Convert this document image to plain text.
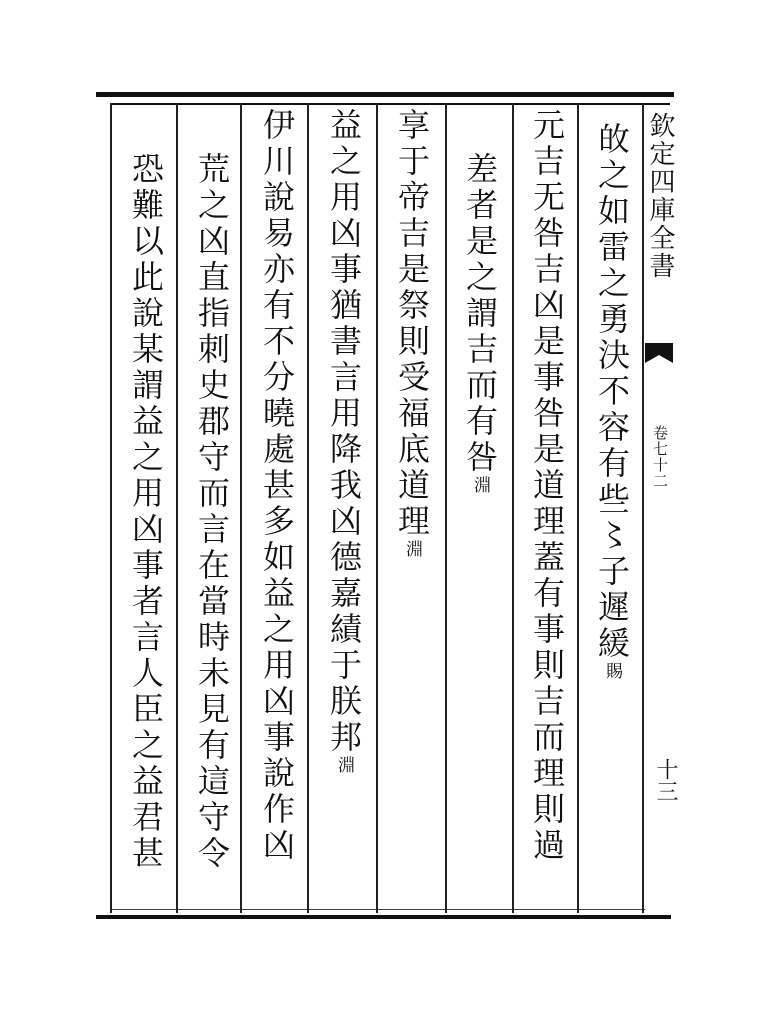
欽定四庫全書
卷七十二
十三
敀之如雷之勇決不容有些〻子遲緩賜
元吉无咎吉凶是事咎是道理蓋有事則吉而理則過
差者是之謂吉而有咎淵
享于帝吉是祭則受福底道理淵
益之用凶事猶書言用降我凶德嘉績于朕邦淵
伊川說易亦有不分曉處甚多如益之用凶事說作凶
荒之凶直指刺史郡守而言在當時未見有這守令
恐難以此說某謂益之用凶事者言人臣之益君甚
